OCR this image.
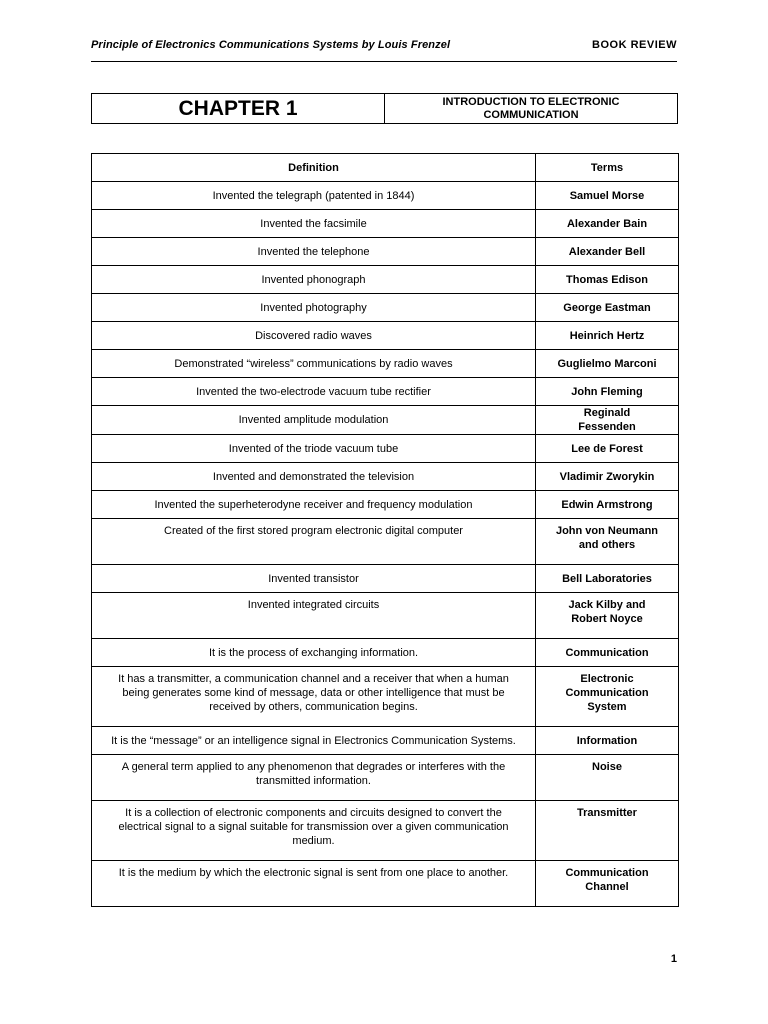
Principle of Electronics Communications Systems by Louis Frenzel	BOOK REVIEW
CHAPTER 1	INTRODUCTION TO ELECTRONIC COMMUNICATION
Definition	Terms
Invented the telegraph (patented in 1844)	Samuel Morse
Invented the facsimile	Alexander Bain
Invented the telephone	Alexander Bell
Invented phonograph	Thomas Edison
Invented photography	George Eastman
Discovered radio waves	Heinrich Hertz
Demonstrated “wireless” communications by radio waves	Guglielmo Marconi
Invented the two-electrode vacuum tube rectifier	John Fleming
Invented amplitude modulation	Reginald Fessenden
Invented of the triode vacuum tube	Lee de Forest
Invented and demonstrated the television	Vladimir Zworykin
Invented the superheterodyne receiver and frequency modulation	Edwin Armstrong
Created of the first stored program electronic digital computer	John von Neumann and others
Invented transistor	Bell Laboratories
Invented integrated circuits	Jack Kilby and Robert Noyce
It is the process of exchanging information.	Communication
It has a transmitter, a communication channel and a receiver that when a human being generates some kind of message, data or other intelligence that must be received by others, communication begins.	Electronic Communication System
It is the “message” or an intelligence signal in Electronics Communication Systems.	Information
A general term applied to any phenomenon that degrades or interferes with the transmitted information.	Noise
It is a collection of electronic components and circuits designed to convert the electrical signal to a signal suitable for transmission over a given communication medium.	Transmitter
It is the medium by which the electronic signal is sent from one place to another.	Communication Channel
1
